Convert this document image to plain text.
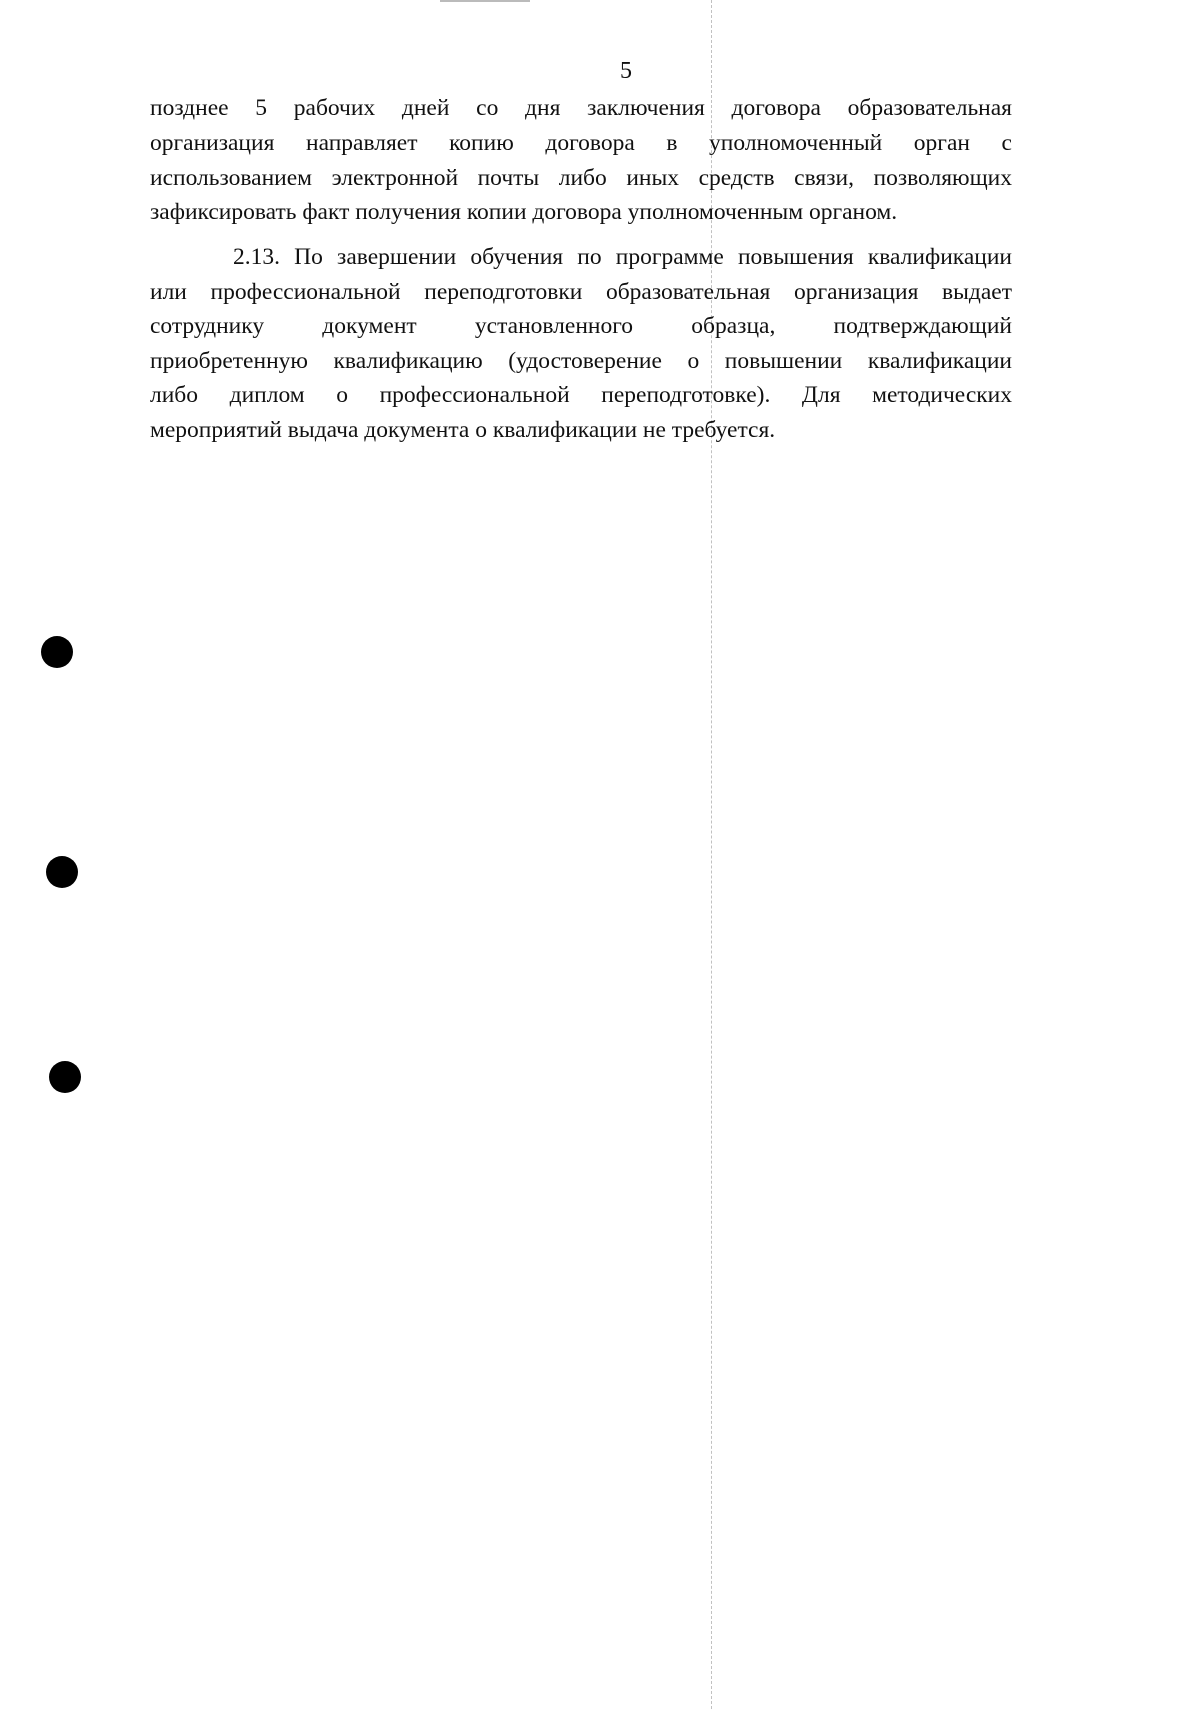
5
позднее 5 рабочих дней со дня заключения договора образовательная
организация направляет копию договора в уполномоченный орган с
использованием электронной почты либо иных средств связи, позволяющих
зафиксировать факт получения копии договора уполномоченным органом.
2.13. По завершении обучения по программе повышения квалификации
или профессиональной переподготовки образовательная организация выдает
сотруднику документ установленного образца, подтверждающий
приобретенную квалификацию (удостоверение о повышении квалификации
либо диплом о профессиональной переподготовке). Для методических
мероприятий выдача документа о квалификации не требуется.
